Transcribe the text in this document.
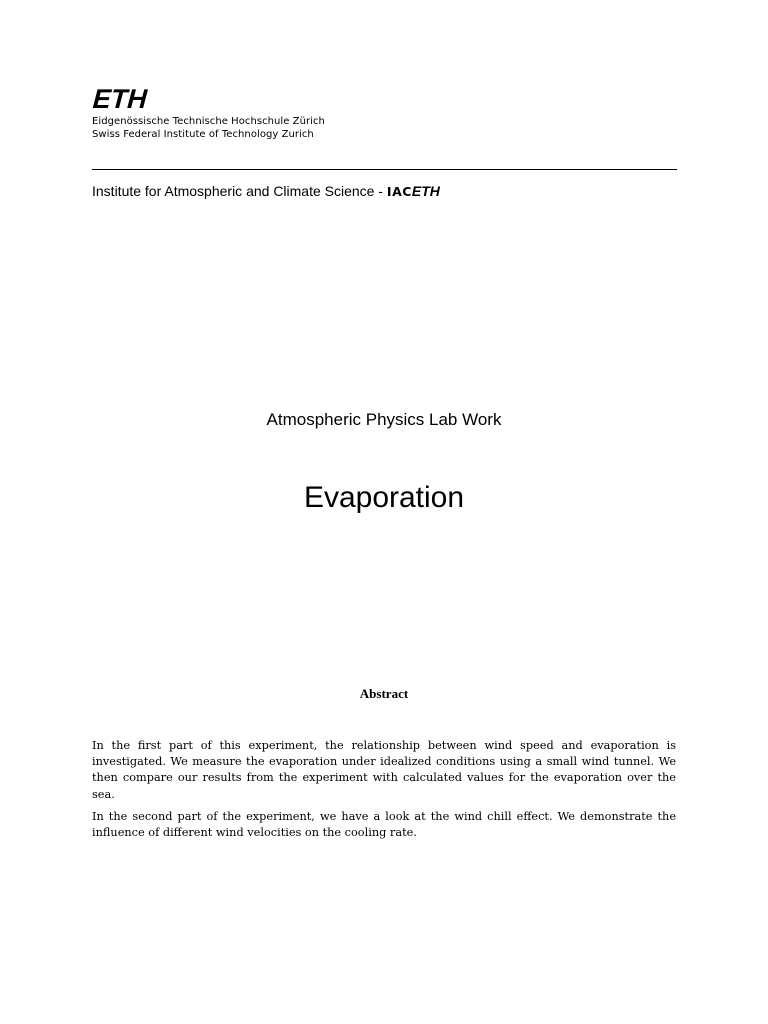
ETH
Eidgenössische Technische Hochschule Zürich
Swiss Federal Institute of Technology Zurich
Institute for Atmospheric and Climate Science - IACETH
Atmospheric Physics Lab Work
Evaporation
Abstract

In the first part of this experiment, the relationship between wind speed and evaporation is investigated. We measure the evaporation under idealized conditions using a small wind tunnel. We then compare our results from the experiment with calculated values for the evaporation over the sea.

In the second part of the experiment, we have a look at the wind chill effect. We demonstrate the influence of different wind velocities on the cooling rate.
